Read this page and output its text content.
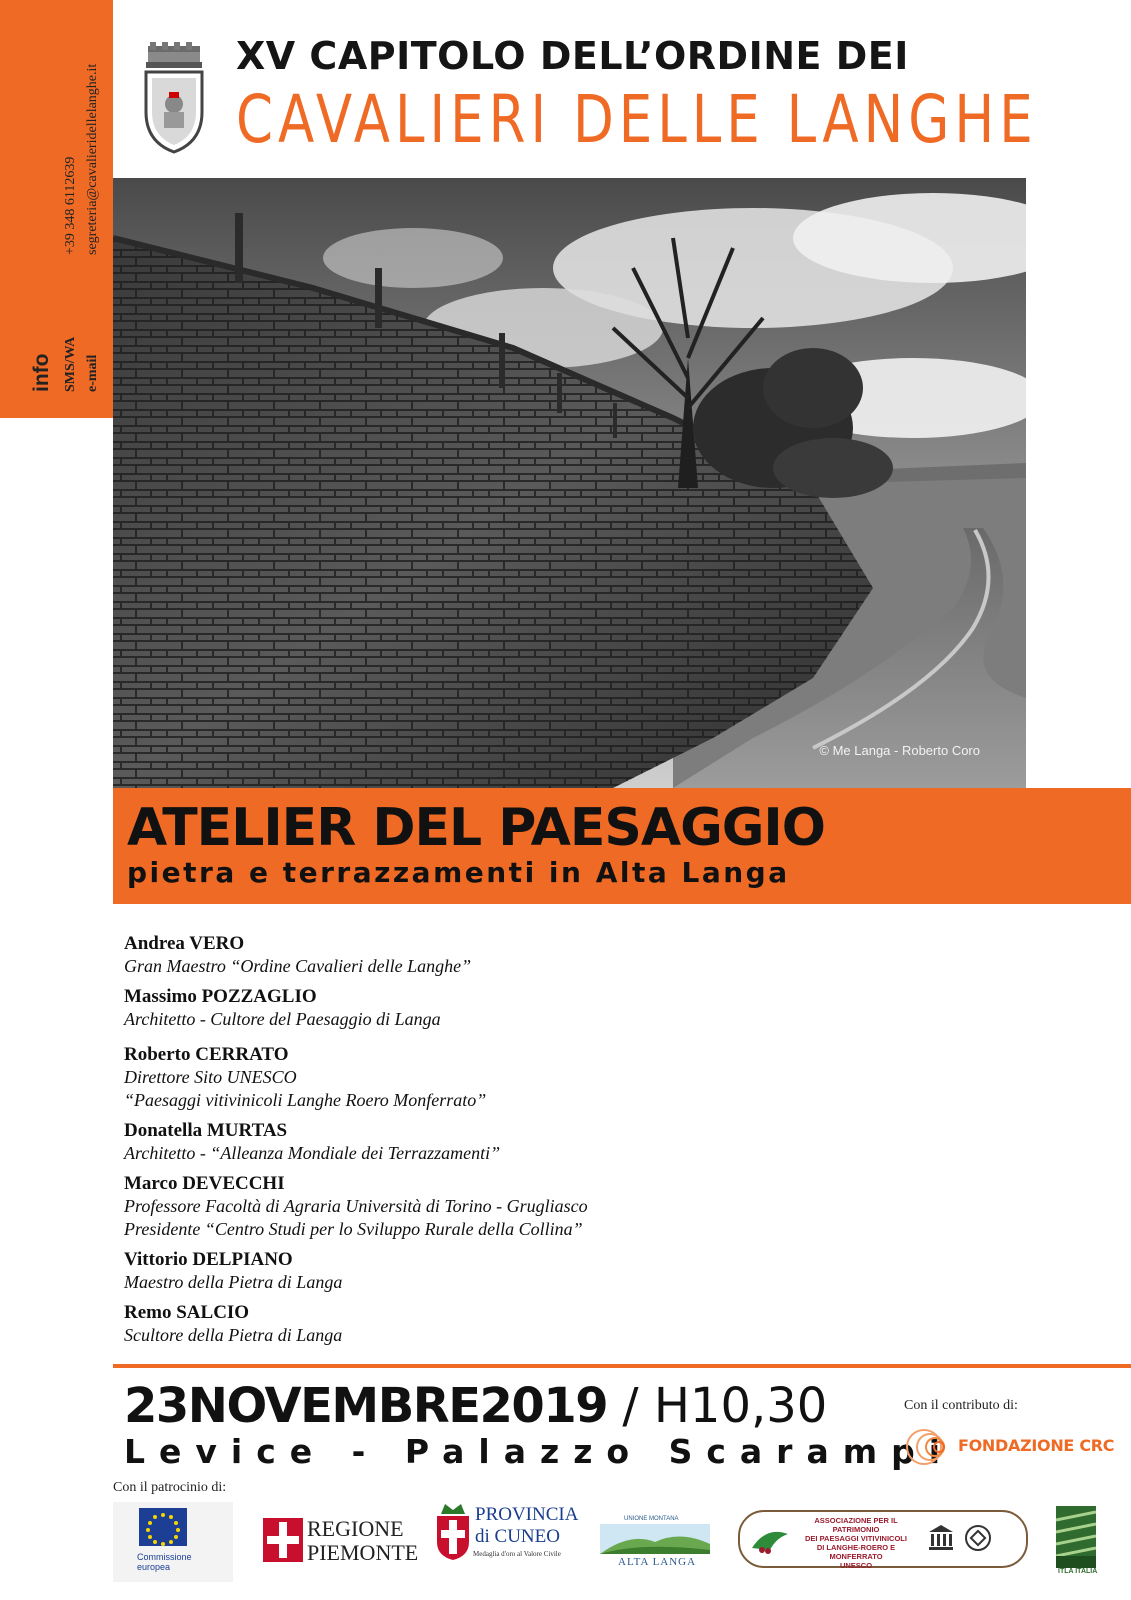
info SMS/WA e-mail
+39 348 6112639 segreteria@cavalieridellelanghe.it
XV CAPITOLO DELL’ORDINE DEI
CAVALIERI DELLE LANGHE
© Me Langa - Roberto Coro
ATELIER DEL PAESAGGIO
pietra e terrazzamenti in Alta Langa
Andrea VERO
Gran Maestro “Ordine Cavalieri delle Langhe”
Massimo POZZAGLIO
Architetto - Cultore del Paesaggio di Langa
Roberto CERRATO
Direttore Sito UNESCO
“Paesaggi vitivinicoli Langhe Roero Monferrato”
Donatella MURTAS
Architetto - “Alleanza Mondiale dei Terrazzamenti”
Marco DEVECCHI
Professore Facoltà di Agraria Università di Torino - Grugliasco
Presidente “Centro Studi per lo Sviluppo Rurale della Collina”
Vittorio DELPIANO
Maestro della Pietra di Langa
Remo SALCIO
Scultore della Pietra di Langa
23NOVEMBRE2019 / H10,30
Levice - Palazzo Scarampi
Con il contributo di:
FONDAZIONE CRC
Con il patrocinio di:
Commissione europea
REGIONE
PIEMONTE
PROVINCIA
di CUNEO
Medaglia d'oro al Valore Civile
UNIONE MONTANA
ALTA LANGA
ASSOCIAZIONE PER IL PATRIMONIO
DEI PAESAGGI VITIVINICOLI
DI LANGHE-ROERO E MONFERRATO
UNESCO
ITLA ITALIA
